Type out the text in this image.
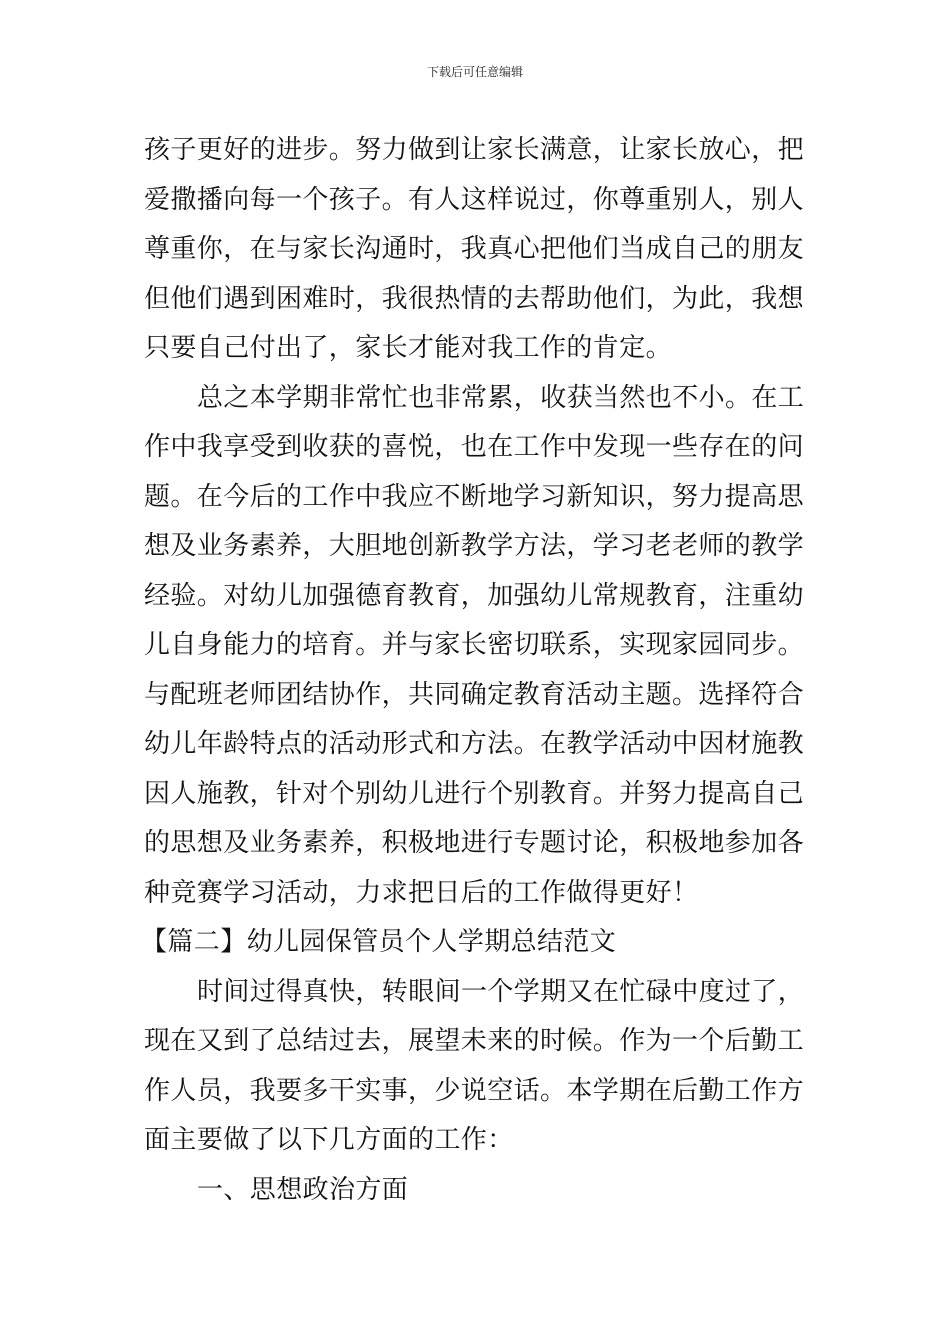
下载后可任意编辑
孩子更好的进步。努力做到让家长满意，让家长放心，把
爱撒播向每一个孩子。有人这样说过，你尊重别人，别人
尊重你，在与家长沟通时，我真心把他们当成自己的朋友
但他们遇到困难时，我很热情的去帮助他们，为此，我想
只要自己付出了，家长才能对我工作的肯定。
总之本学期非常忙也非常累，收获当然也不小。在工
作中我享受到收获的喜悦，也在工作中发现一些存在的问
题。在今后的工作中我应不断地学习新知识，努力提高思
想及业务素养，大胆地创新教学方法，学习老老师的教学
经验。对幼儿加强德育教育，加强幼儿常规教育，注重幼
儿自身能力的培育。并与家长密切联系，实现家园同步。
与配班老师团结协作，共同确定教育活动主题。选择符合
幼儿年龄特点的活动形式和方法。在教学活动中因材施教
因人施教，针对个别幼儿进行个别教育。并努力提高自己
的思想及业务素养，积极地进行专题讨论，积极地参加各
种竞赛学习活动，力求把日后的工作做得更好！
【篇二】幼儿园保管员个人学期总结范文
时间过得真快，转眼间一个学期又在忙碌中度过了，
现在又到了总结过去，展望未来的时候。作为一个后勤工
作人员，我要多干实事，少说空话。本学期在后勤工作方
面主要做了以下几方面的工作：
一、思想政治方面
